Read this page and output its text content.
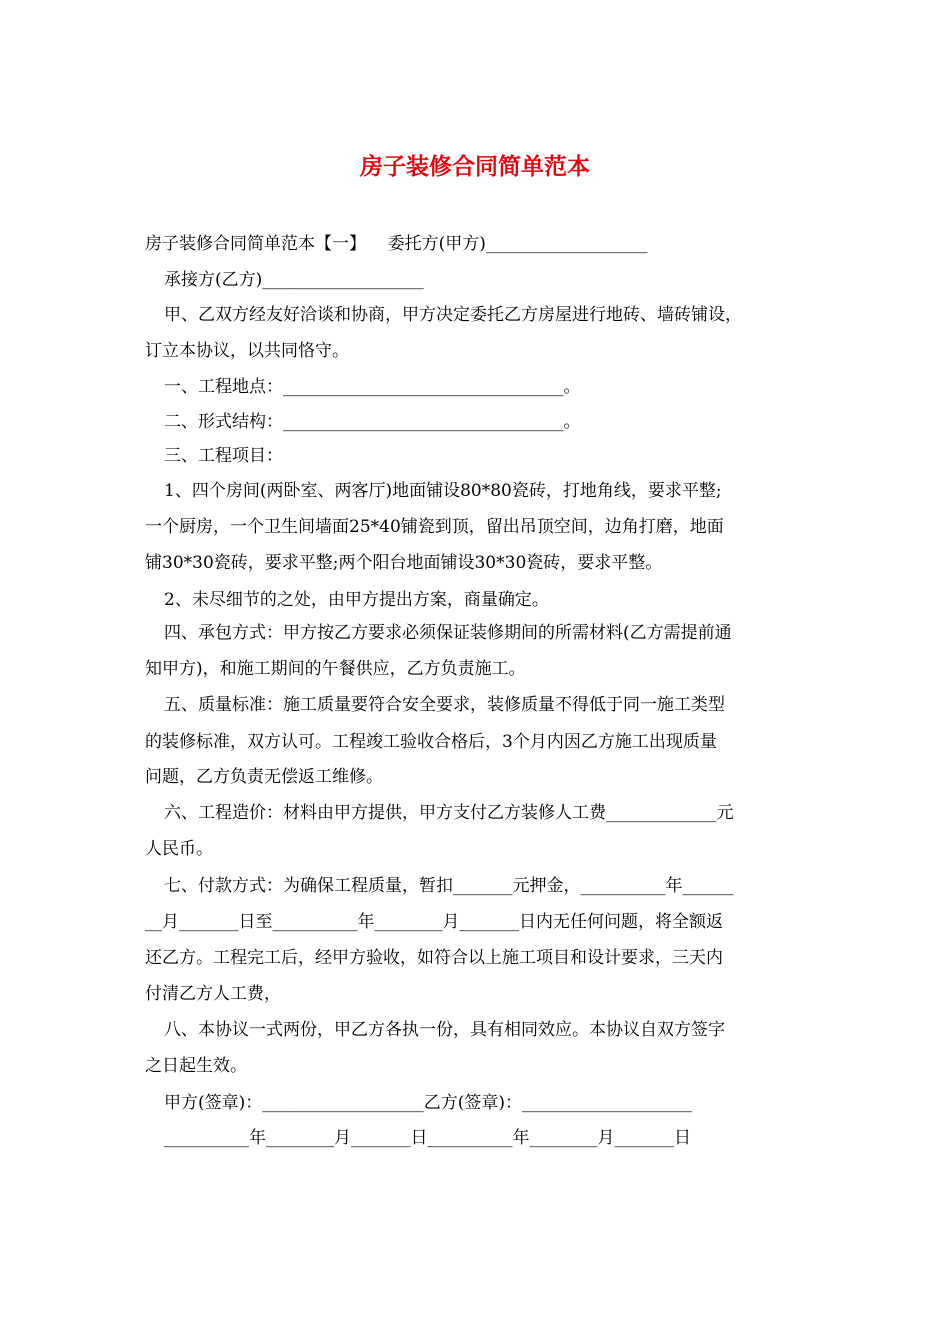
房子装修合同简单范本
房子装修合同简单范本【一】    委托方(甲方)___________________
承接方(乙方)___________________
甲、乙双方经友好洽谈和协商，甲方决定委托乙方房屋进行地砖、墙砖铺设，
订立本协议，以共同恪守。
一、工程地点：_________________________________。
二、形式结构：_________________________________。
三、工程项目：
1、四个房间(两卧室、两客厅)地面铺设80*80瓷砖，打地角线，要求平整;
一个厨房，一个卫生间墙面25*40铺瓷到顶，留出吊顶空间，边角打磨，地面
铺30*30瓷砖，要求平整;两个阳台地面铺设30*30瓷砖，要求平整。
2、未尽细节的之处，由甲方提出方案，商量确定。
四、承包方式：甲方按乙方要求必须保证装修期间的所需材料(乙方需提前通
知甲方)，和施工期间的午餐供应，乙方负责施工。
五、质量标准：施工质量要符合安全要求，装修质量不得低于同一施工类型
的装修标准，双方认可。工程竣工验收合格后，3个月内因乙方施工出现质量
问题，乙方负责无偿返工维修。
六、工程造价：材料由甲方提供，甲方支付乙方装修人工费_____________元
人民币。
七、付款方式：为确保工程质量，暂扣_______元押金，__________年______
__月_______日至__________年________月_______日内无任何问题，将全额返
还乙方。工程完工后，经甲方验收，如符合以上施工项目和设计要求，三天内
付清乙方人工费，
八、本协议一式两份，甲乙方各执一份，具有相同效应。本协议自双方签字
之日起生效。
甲方(签章)：___________________乙方(签章)：____________________
__________年________月_______日__________年________月_______日
